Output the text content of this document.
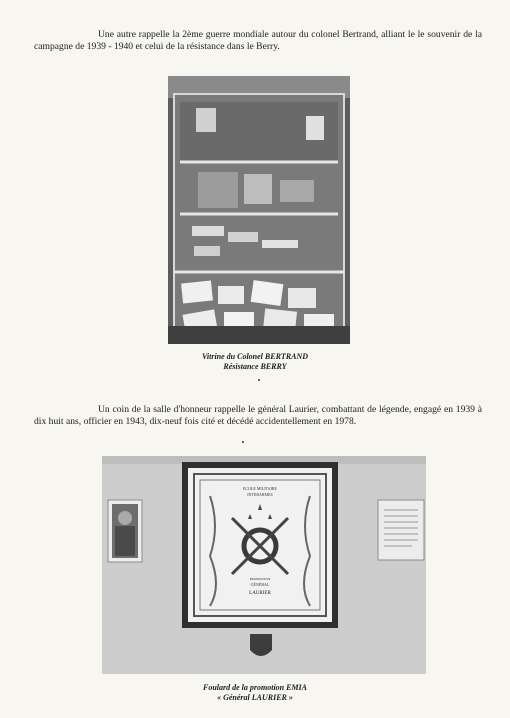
Une autre rappelle la 2ème guerre mondiale autour du colonel Bertrand, alliant le le souvenir de la campagne de 1939 - 1940 et celui de la résistance dans le Berry.

Vitrine du Colonel BERTRAND
Résistance BERRY

Un coin de la salle d'honneur rappelle le général Laurier, combattant de légende, engagé en 1939 à dix huit ans, officier en 1943, dix-neuf fois cité et décédé accidentellement en 1978.

ECOLE MILITAIRE
INTERARMES
PROMOTION
GÉNÉRAL
LAURIER
Foulard de la promotion EMIA
« Général LAURIER »
